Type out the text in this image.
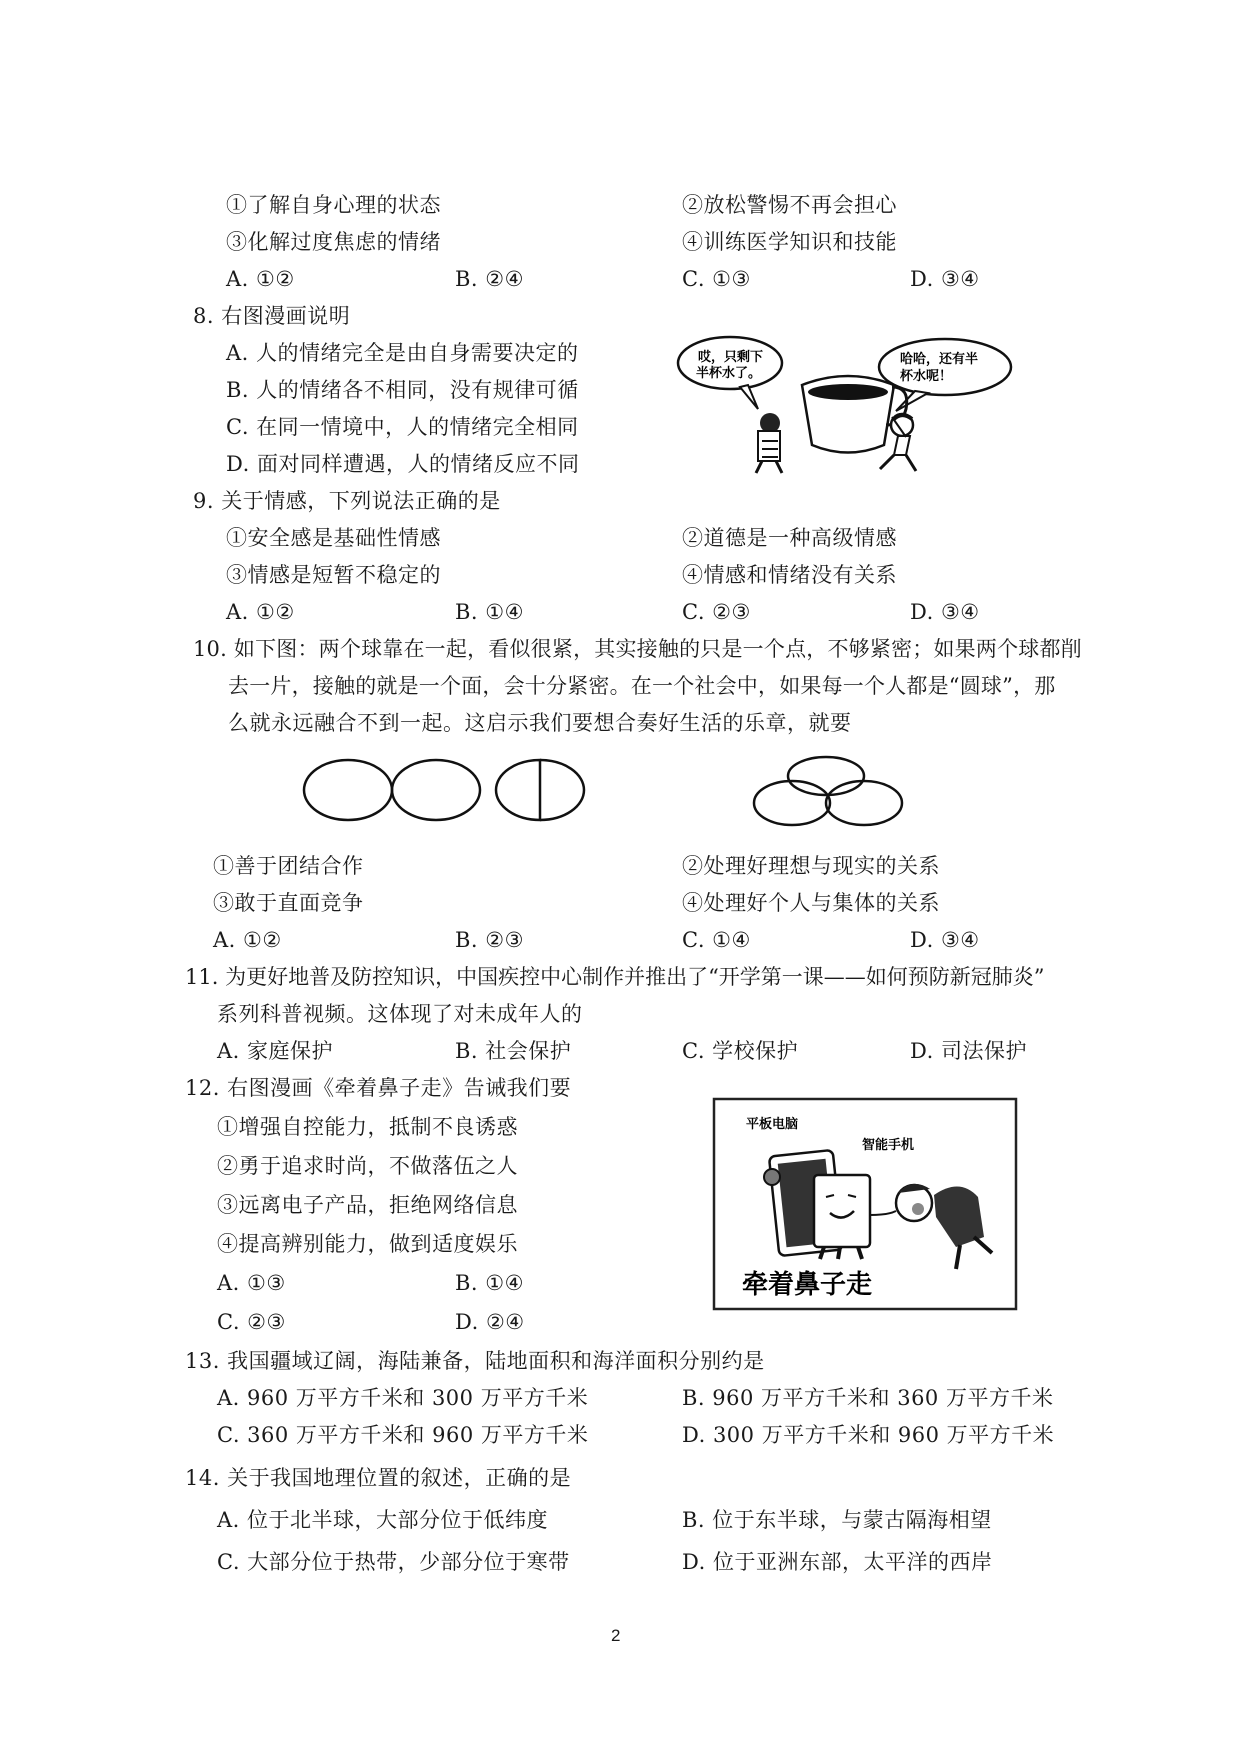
①了解自身心理的状态	②放松警惕不再会担心
③化解过度焦虑的情绪	④训练医学知识和技能
A. ①②	B. ②④	C. ①③	D. ③④
8. 右图漫画说明
A. 人的情绪完全是由自身需要决定的
B. 人的情绪各不相同，没有规律可循
C. 在同一情境中，人的情绪完全相同
D. 面对同样遭遇，人的情绪反应不同
哎，只剩下
半杯水了。
哈哈，还有半
杯水呢！
9. 关于情感，下列说法正确的是
①安全感是基础性情感	②道德是一种高级情感
③情感是短暂不稳定的	④情感和情绪没有关系
A. ①②	B. ①④	C. ②③	D. ③④
10. 如下图：两个球靠在一起，看似很紧，其实接触的只是一个点，不够紧密；如果两个球都削
去一片，接触的就是一个面，会十分紧密。在一个社会中，如果每一个人都是“圆球”，那
么就永远融合不到一起。这启示我们要想合奏好生活的乐章，就要
①善于团结合作	②处理好理想与现实的关系
③敢于直面竞争	④处理好个人与集体的关系
A. ①②	B. ②③	C. ①④	D. ③④
11. 为更好地普及防控知识，中国疾控中心制作并推出了“开学第一课——如何预防新冠肺炎”
系列科普视频。这体现了对未成年人的
A. 家庭保护	B. 社会保护	C. 学校保护	D. 司法保护
12. 右图漫画《牵着鼻子走》告诫我们要
①增强自控能力，抵制不良诱惑
②勇于追求时尚，不做落伍之人
③远离电子产品，拒绝网络信息
④提高辨别能力，做到适度娱乐
A. ①③	B. ①④
C. ②③	D. ②④
平板电脑
智能手机
牵着鼻子走
13. 我国疆域辽阔，海陆兼备，陆地面积和海洋面积分别约是
A. 960 万平方千米和 300 万平方千米	B. 960 万平方千米和 360 万平方千米
C. 360 万平方千米和 960 万平方千米	D. 300 万平方千米和 960 万平方千米
14. 关于我国地理位置的叙述，正确的是
A. 位于北半球，大部分位于低纬度	B. 位于东半球，与蒙古隔海相望
C. 大部分位于热带，少部分位于寒带	D. 位于亚洲东部，太平洋的西岸
2
